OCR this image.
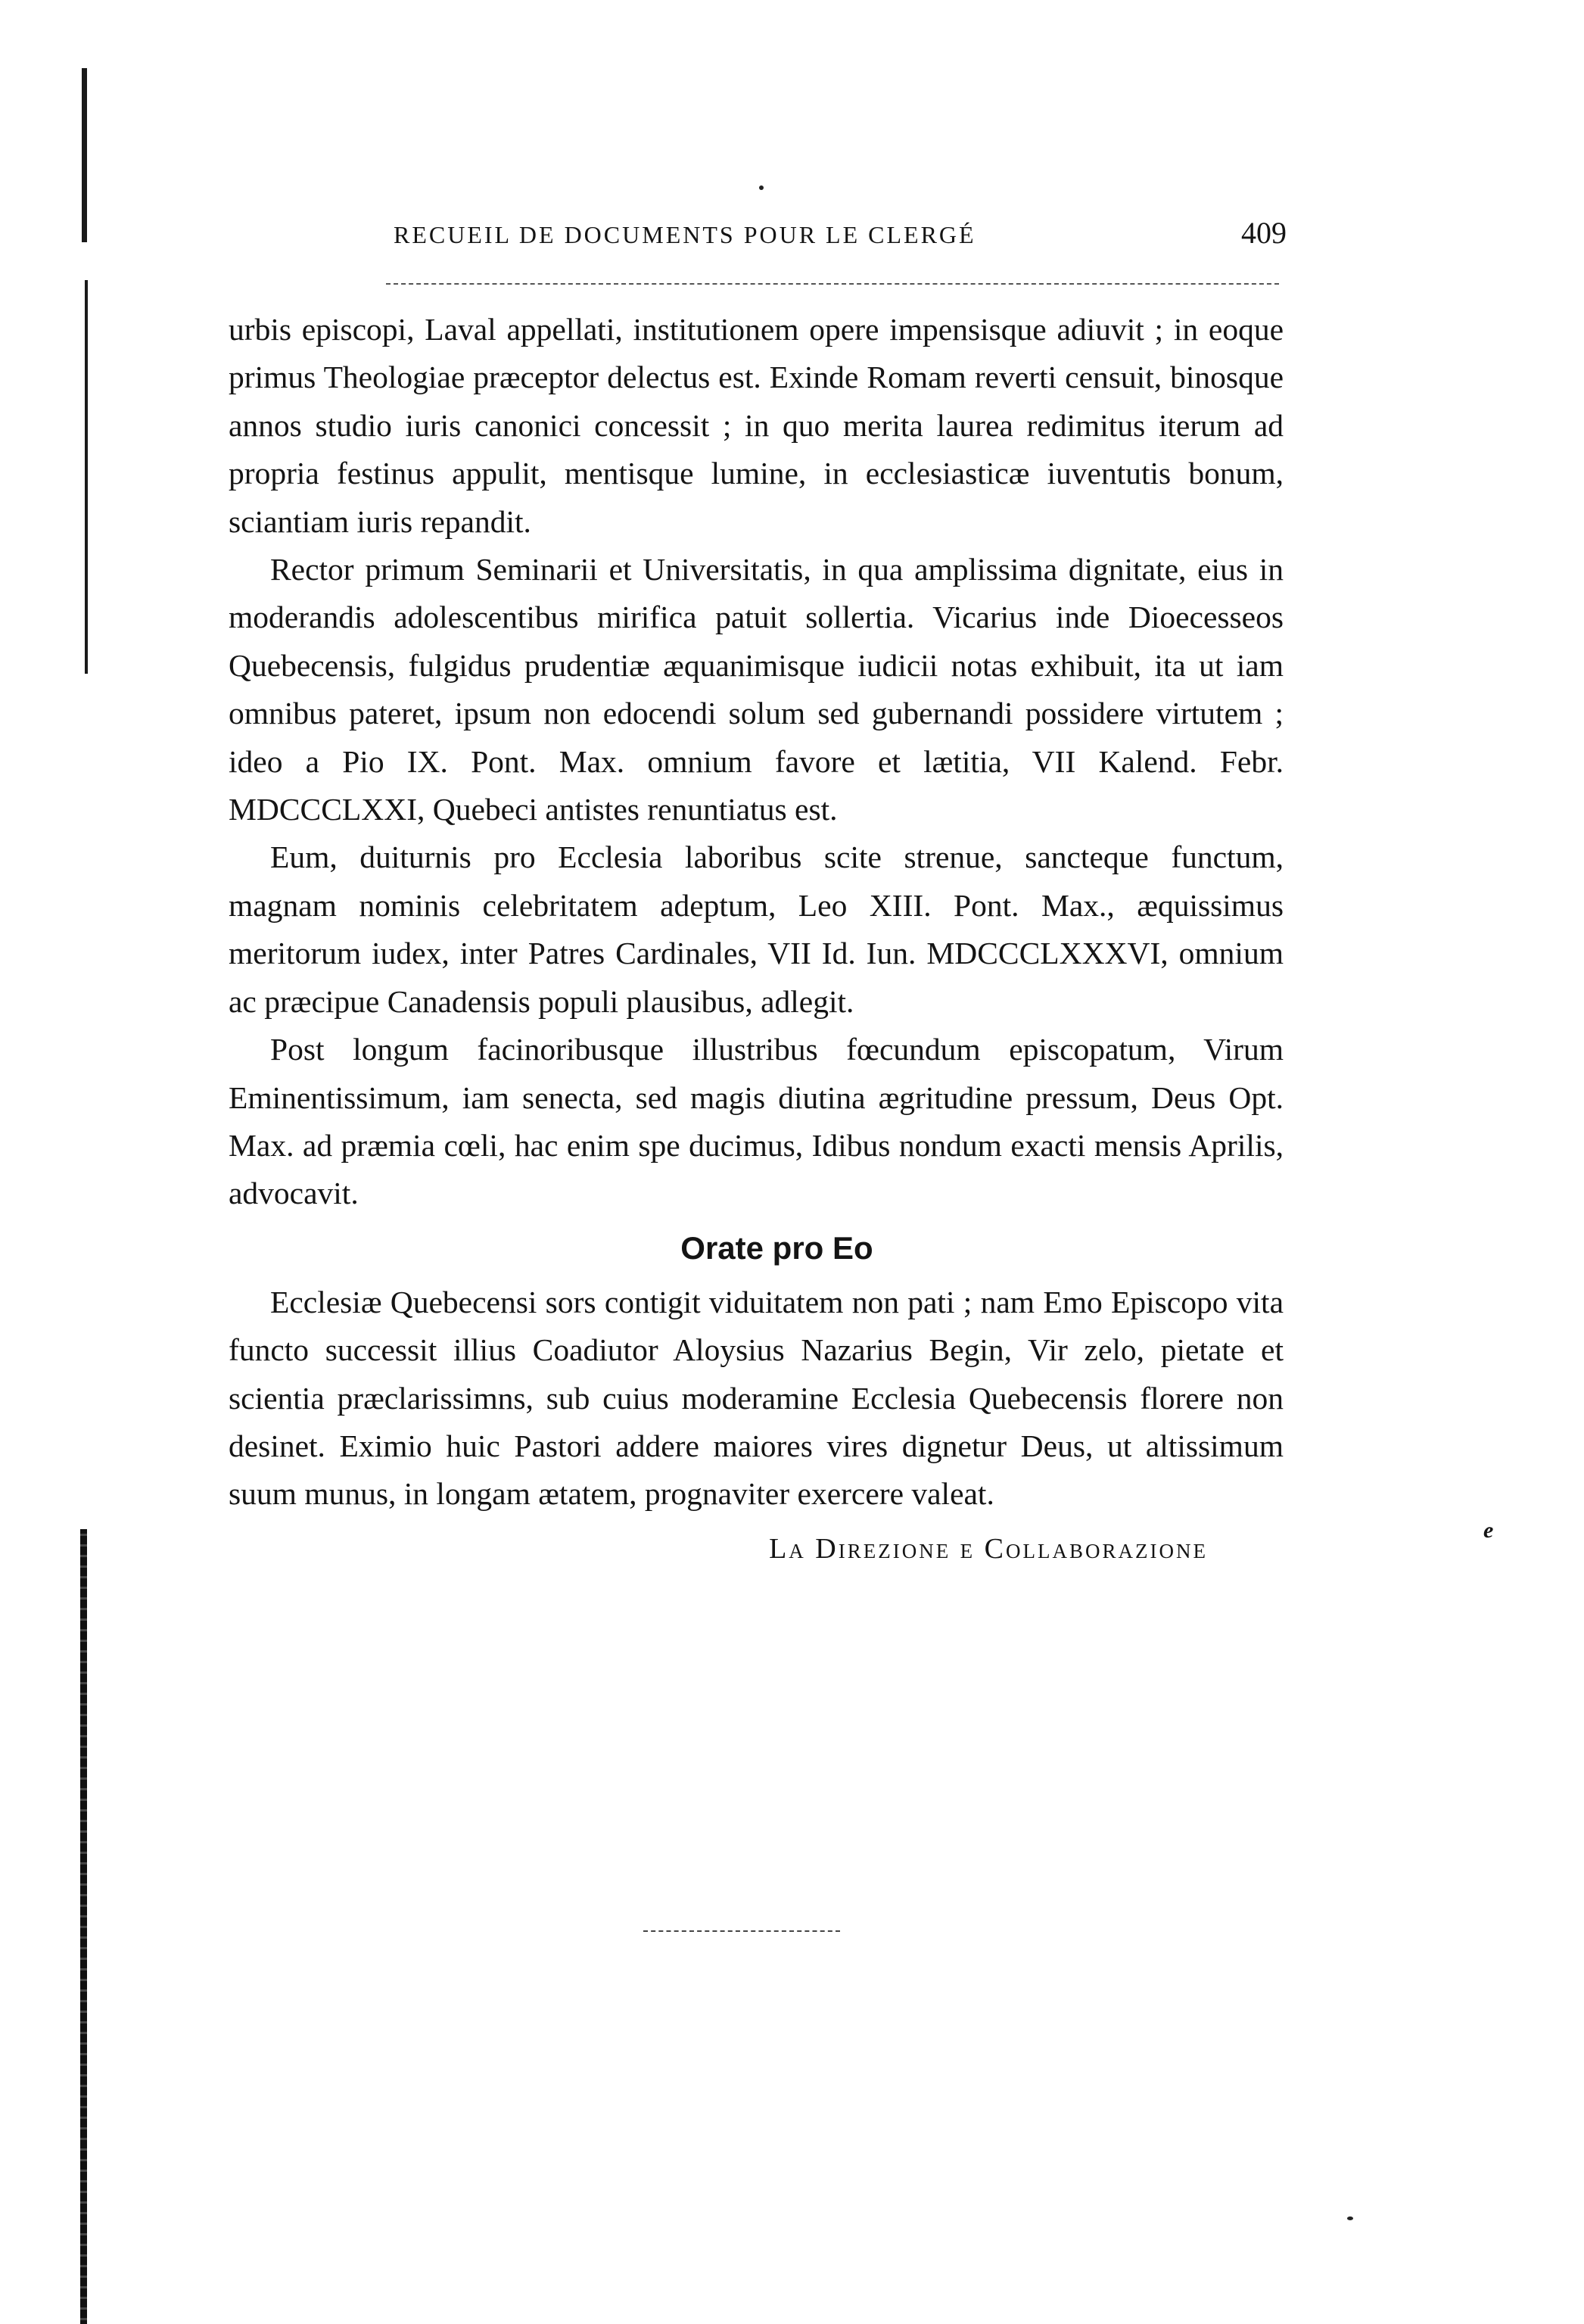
RECUEIL DE DOCUMENTS POUR LE CLERGÉ	409

urbis episcopi, Laval appellati, institutionem opere impensisque adiuvit ; in eoque primus Theologiae præceptor delectus est. Exinde Romam reverti censuit, binosque annos studio iuris canonici concessit ; in quo merita laurea redimitus iterum ad propria festinus appulit, mentisque lumine, in ecclesiasticæ iuventutis bonum, sciantiam iuris repandit.

Rector primum Seminarii et Universitatis, in qua amplissima dignitate, eius in moderandis adolescentibus mirifica patuit sollertia. Vicarius inde Dioecesseos Quebecensis, fulgidus prudentiæ æquanimisque iudicii notas exhibuit, ita ut iam omnibus pateret, ipsum non edocendi solum sed gubernandi possidere virtutem ; ideo a Pio IX. Pont. Max. omnium favore et lætitia, VII Kalend. Febr. MDCCCLXXI, Quebeci antistes renuntiatus est.

Eum, duiturnis pro Ecclesia laboribus scite strenue, sancteque functum, magnam nominis celebritatem adeptum, Leo XIII. Pont. Max., æquissimus meritorum iudex, inter Patres Cardinales, VII Id. Iun. MDCCCLXXXVI, omnium ac præcipue Canadensis populi plausibus, adlegit.

Post longum facinoribusque illustribus fœcundum episcopatum, Virum Eminentissimum, iam senecta, sed magis diutina ægritudine pressum, Deus Opt. Max. ad præmia cœli, hac enim spe ducimus, Idibus nondum exacti mensis Aprilis, advocavit.

Orate pro Eo

Ecclesiæ Quebecensi sors contigit viduitatem non pati ; nam Emo Episcopo vita functo successit illius Coadiutor Aloysius Nazarius Begin, Vir zelo, pietate et scientia præclarissimns, sub cuius moderamine Ecclesia Quebecensis florere non desinet. Eximio huic Pastori addere maiores vires dignetur Deus, ut altissimum suum munus, in longam ætatem, prognaviter exercere valeat.

La Direzione e Collaborazione

e
